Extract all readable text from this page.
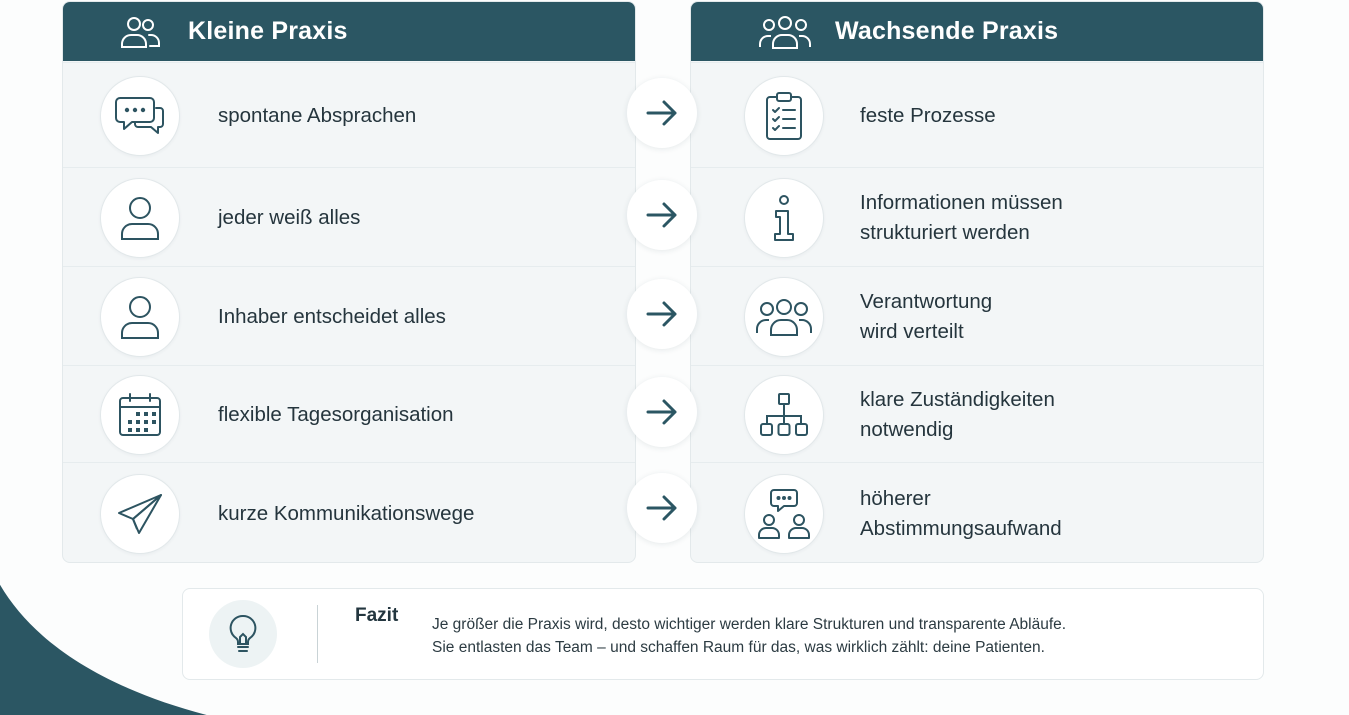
Kleine Praxis
spontane Absprachen
jeder weiß alles
Inhaber entscheidet alles
flexible Tagesorganisation
kurze Kommunikationswege
Wachsende Praxis
feste Prozesse
Informationen müssen
strukturiert werden
Verantwortung
wird verteilt
klare Zuständigkeiten
notwendig
höherer
Abstimmungsaufwand
Fazit Je größer die Praxis wird, desto wichtiger werden klare Strukturen und transparente Abläufe.
Sie entlasten das Team – und schaffen Raum für das, was wirklich zählt: deine Patienten.
